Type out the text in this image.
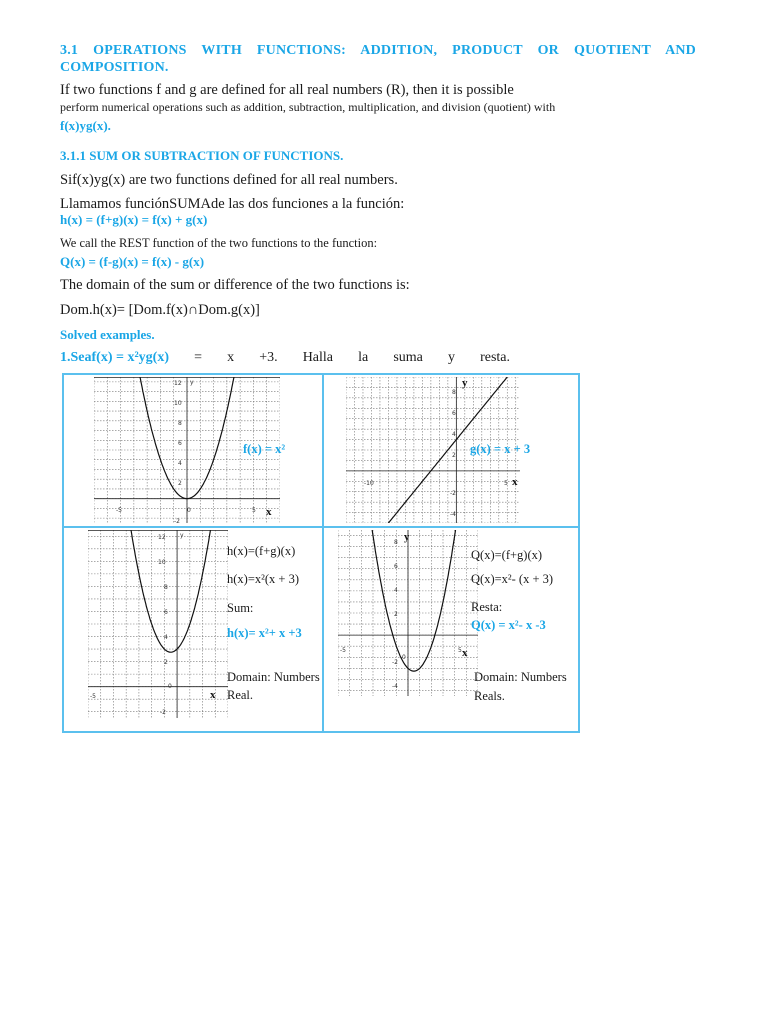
3.1 OPERATIONS WITH FUNCTIONS: ADDITION, PRODUCT OR QUOTIENT AND COMPOSITION.
If two functions f and g are defined for all real numbers (R), then it is possible
perform numerical operations such as addition, subtraction, multiplication, and division (quotient) with
f(x)yg(x).
3.1.1 SUM OR SUBTRACTION OF FUNCTIONS.
Sif(x)yg(x) are two functions defined for all real numbers.
Llamamos funciónSUMAde las dos funciones a la función:
h(x) = (f+g)(x) = f(x) + g(x)
We call the REST function of the two functions to the function:
Q(x) = (f-g)(x) = f(x) - g(x)
The domain of the sum or difference of the two functions is:
Dom.h(x)= [Dom.f(x)∩Dom.g(x)]
Solved examples.
1.Seaf(x) = x²yg(x) = x +3. Halla la suma y resta.
x
y
-5	0	5
12
10
8
6
4
2
-2
f(x) = x²
x
y
-10	5
8
6
4
2
-2
-4
g(x) = x + 3
x
y
-5
0
12
10
8
6
4
2
-2
h(x)=(f+g)(x)
h(x)=x²(x + 3)
Sum:
h(x)= x²+ x +3
Domain: Numbers
Real.
x
y
-5
0
5
8
6
4
2
-2
-4
Q(x)=(f+g)(x)
Q(x)=x²- (x + 3)
Resta:
Q(x) = x²- x -3
Domain: Numbers
Reals.
